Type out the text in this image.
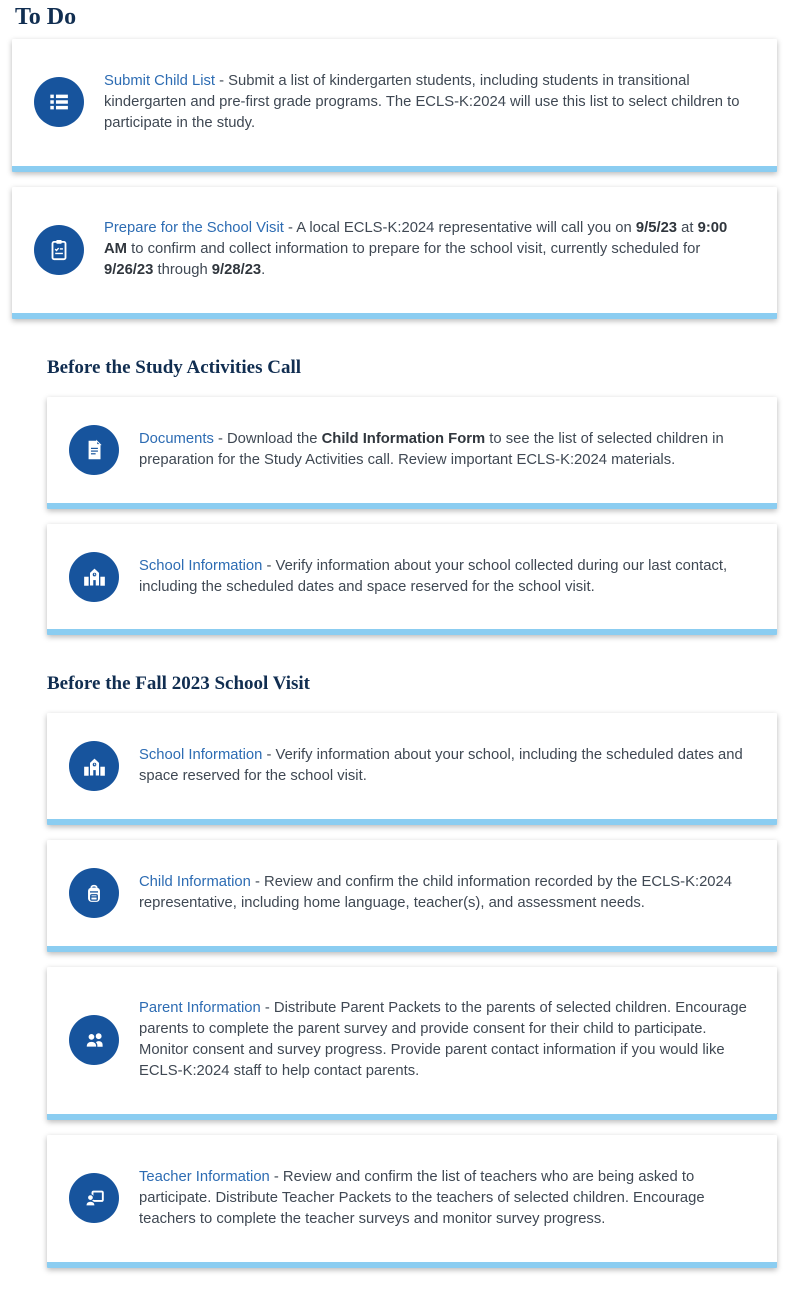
To Do

Submit Child List - Submit a list of kindergarten students, including students in transitional kindergarten and pre-first grade programs. The ECLS-K:2024 will use this list to select children to participate in the study.

Prepare for the School Visit - A local ECLS-K:2024 representative will call you on 9/5/23 at 9:00 AM to confirm and collect information to prepare for the school visit, currently scheduled for 9/26/23 through 9/28/23.

Before the Study Activities Call

Documents - Download the Child Information Form to see the list of selected children in preparation for the Study Activities call. Review important ECLS-K:2024 materials.

School Information - Verify information about your school collected during our last contact, including the scheduled dates and space reserved for the school visit.

Before the Fall 2023 School Visit

School Information - Verify information about your school, including the scheduled dates and space reserved for the school visit.

Child Information - Review and confirm the child information recorded by the ECLS-K:2024 representative, including home language, teacher(s), and assessment needs.

Parent Information - Distribute Parent Packets to the parents of selected children. Encourage parents to complete the parent survey and provide consent for their child to participate. Monitor consent and survey progress. Provide parent contact information if you would like ECLS-K:2024 staff to help contact parents.

Teacher Information - Review and confirm the list of teachers who are being asked to participate. Distribute Teacher Packets to the teachers of selected children. Encourage teachers to complete the teacher surveys and monitor survey progress.
